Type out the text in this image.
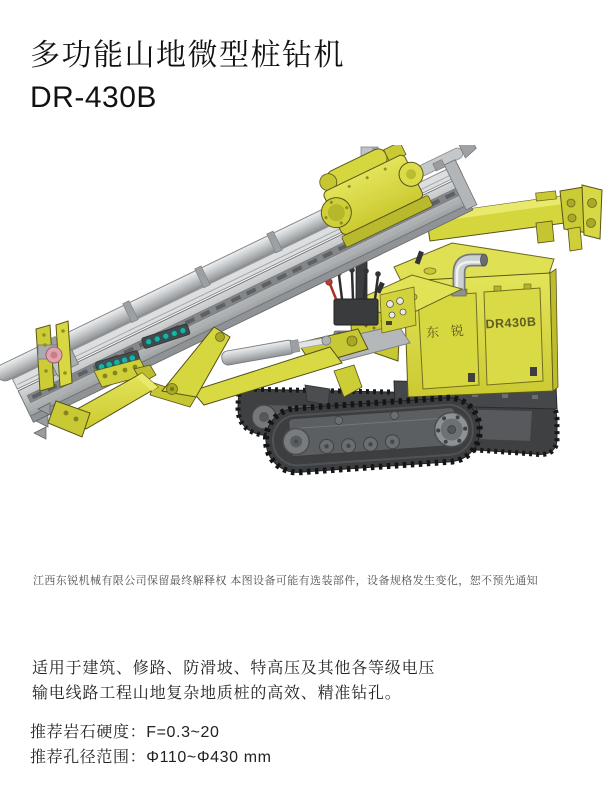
多功能山地微型桩钻机
DR-430B
东 锐 DR430B
江西东锐机械有限公司保留最终解释权 本图设备可能有选装部件，设备规格发生变化，恕不预先通知
适用于建筑、修路、防滑坡、特高压及其他各等级电压
输电线路工程山地复杂地质桩的高效、精准钻孔。
推荐岩石硬度：F=0.3~20
推荐孔径范围：Φ110~Φ430 mm
